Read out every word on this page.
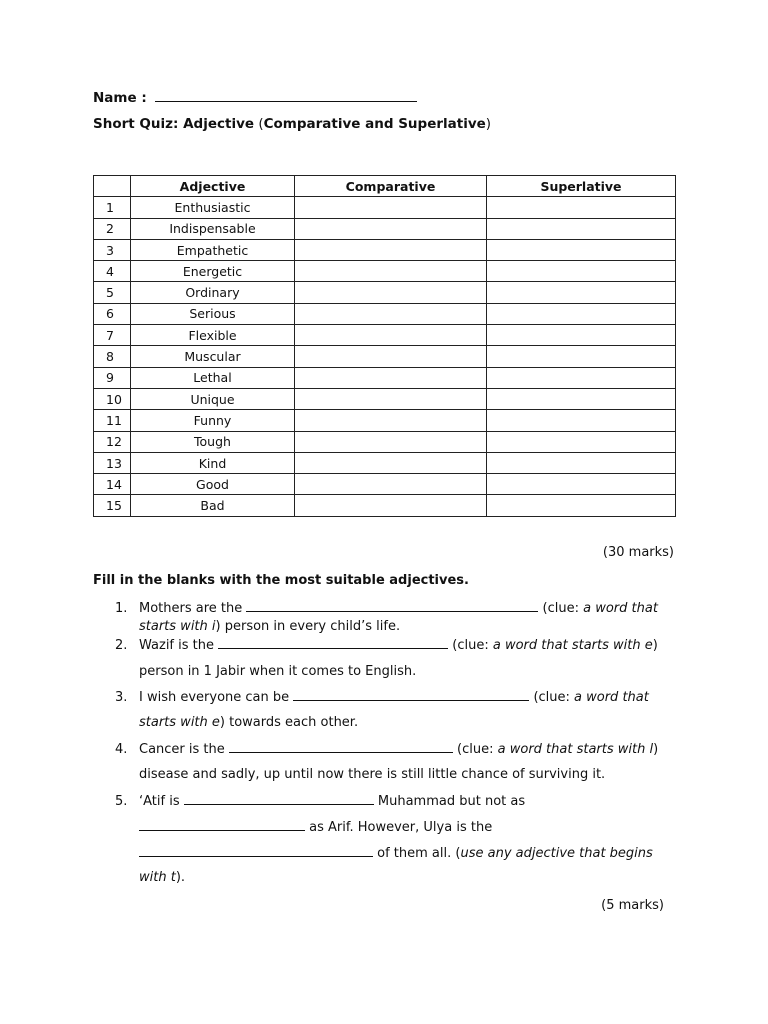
Name :
Short Quiz: Adjective (Comparative and Superlative)
	Adjective	Comparative	Superlative
1	Enthusiastic		
2	Indispensable		
3	Empathetic		
4	Energetic		
5	Ordinary		
6	Serious		
7	Flexible		
8	Muscular		
9	Lethal		
10	Unique		
11	Funny		
12	Tough		
13	Kind		
14	Good		
15	Bad		
(30 marks)
Fill in the blanks with the most suitable adjectives.
1. Mothers are the	(clue: a word that
starts with i) person in every child’s life.
2. Wazif is the	(clue: a word that starts with e)
person in 1 Jabir when it comes to English.
3. I wish everyone can be	(clue: a word that
starts with e) towards each other.
4. Cancer is the	(clue: a word that starts with l)
disease and sadly, up until now there is still little chance of surviving it.
5. ‘Atif is	Muhammad but not as
as Arif. However, Ulya is the
of them all. (use any adjective that begins
with t).
(5 marks)
